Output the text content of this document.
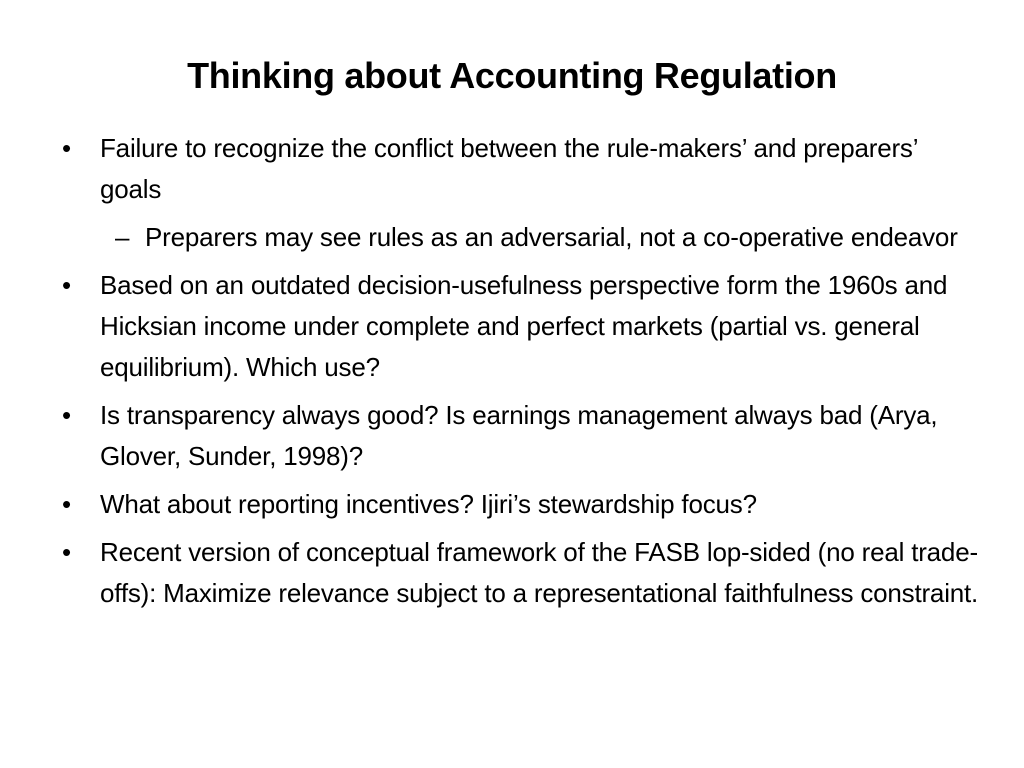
Thinking about Accounting Regulation
•	Failure to recognize the conflict between the rule-makers’ and preparers’ goals
– Preparers may see rules as an adversarial, not a co-operative endeavor
•	Based on an outdated decision-usefulness perspective form the 1960s and Hicksian income under complete and perfect markets (partial vs. general equilibrium). Which use?
•	Is transparency always good? Is earnings management always bad (Arya, Glover, Sunder, 1998)?
•	What about reporting incentives? Ijiri’s stewardship focus?
•	Recent version of conceptual framework of the FASB lop-sided (no real trade-offs): Maximize relevance subject to a representational faithfulness constraint.
